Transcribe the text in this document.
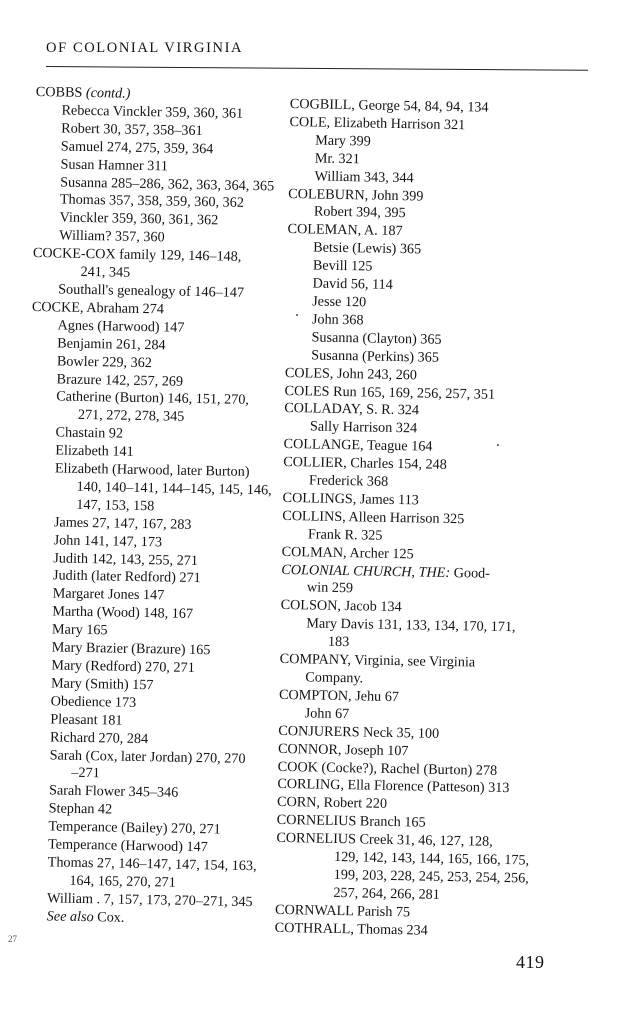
OF COLONIAL VIRGINIA
COBBS (contd.)
Rebecca Vinckler 359, 360, 361
Robert 30, 357, 358–361
Samuel 274, 275, 359, 364
Susan Hamner 311
Susanna 285–286, 362, 363, 364, 365
Thomas 357, 358, 359, 360, 362
Vinckler 359, 360, 361, 362
William? 357, 360
COCKE-COX family 129, 146–148,
241, 345
Southall's genealogy of 146–147
COCKE, Abraham 274
Agnes (Harwood) 147
Benjamin 261, 284
Bowler 229, 362
Brazure 142, 257, 269
Catherine (Burton) 146, 151, 270,
271, 272, 278, 345
Chastain 92
Elizabeth 141
Elizabeth (Harwood, later Burton)
140, 140–141, 144–145, 145, 146,
147, 153, 158
James 27, 147, 167, 283
John 141, 147, 173
Judith 142, 143, 255, 271
Judith (later Redford) 271
Margaret Jones 147
Martha (Wood) 148, 167
Mary 165
Mary Brazier (Brazure) 165
Mary (Redford) 270, 271
Mary (Smith) 157
Obedience 173
Pleasant 181
Richard 270, 284
Sarah (Cox, later Jordan) 270, 270
–271
Sarah Flower 345–346
Stephan 42
Temperance (Bailey) 270, 271
Temperance (Harwood) 147
Thomas 27, 146–147, 147, 154, 163,
164, 165, 270, 271
William . 7, 157, 173, 270–271, 345
See also Cox.
COGBILL, George 54, 84, 94, 134
COLE, Elizabeth Harrison 321
Mary 399
Mr. 321
William 343, 344
COLEBURN, John 399
Robert 394, 395
COLEMAN, A. 187
Betsie (Lewis) 365
Bevill 125
David 56, 114
Jesse 120
John 368
Susanna (Clayton) 365
Susanna (Perkins) 365
COLES, John 243, 260
COLES Run 165, 169, 256, 257, 351
COLLADAY, S. R. 324
Sally Harrison 324
COLLANGE, Teague 164
COLLIER, Charles 154, 248
Frederick 368
COLLINGS, James 113
COLLINS, Alleen Harrison 325
Frank R. 325
COLMAN, Archer 125
COLONIAL CHURCH, THE: Good-
win 259
COLSON, Jacob 134
Mary Davis 131, 133, 134, 170, 171,
183
COMPANY, Virginia, see Virginia
Company.
COMPTON, Jehu 67
John 67
CONJURERS Neck 35, 100
CONNOR, Joseph 107
COOK (Cocke?), Rachel (Burton) 278
CORLING, Ella Florence (Patteson) 313
CORN, Robert 220
CORNELIUS Branch 165
CORNELIUS Creek 31, 46, 127, 128,
129, 142, 143, 144, 165, 166, 175,
199, 203, 228, 245, 253, 254, 256,
257, 264, 266, 281
CORNWALL Parish 75
COTHRALL, Thomas 234
419
27
